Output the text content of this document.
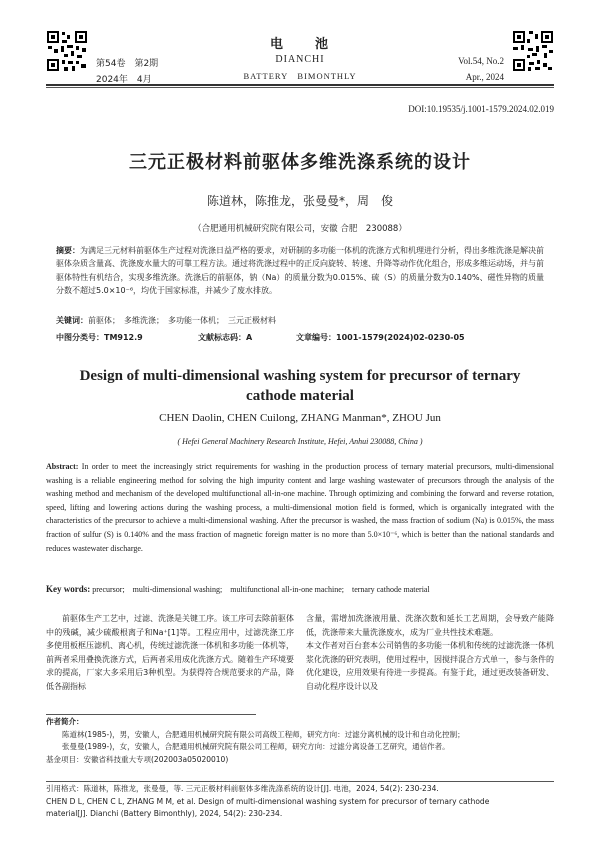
第54卷　第2期
2024年　4月
电　　池
DIANCHI
BATTERY　BIMONTHLY
Vol.54, No.2
Apr., 2024
DOI:10.19535/j.1001-1579.2024.02.019
三元正极材料前驱体多维洗涤系统的设计
陈道林，陈推龙，张曼曼*，周　俊
（合肥通用机械研究院有限公司，安徽 合肥　230088）
摘要：为满足三元材料前驱体生产过程对洗涤日益严格的要求，对研制的多功能一体机的洗涤方式和机理进行分析，得出多维洗涤是解决前驱体杂质含量高、洗涤废水量大的可靠工程方法。通过将洗涤过程中的正反向旋转、转速、升降等动作优化组合，形成多维运动场，并与前驱体特性有机结合，实现多维洗涤。洗涤后的前驱体，钠（Na）的质量分数为0.015%、硫（S）的质量分数为0.140%、磁性异物的质量分数不超过5.0×10⁻⁶，均优于国家标准，并减少了废水排放。
关键词：前驱体；　多维洗涤；　多功能一体机；　三元正极材料
中图分类号：TM912.9	文献标志码：A	文章编号：1001-1579(2024)02-0230-05
Design of multi-dimensional washing system for precursor of ternary cathode material
CHEN Daolin, CHEN Cuilong, ZHANG Manman*, ZHOU Jun
( Hefei General Machinery Research Institute, Hefei, Anhui 230088, China )
Abstract: In order to meet the increasingly strict requirements for washing in the production process of ternary material precursors, multi-dimensional washing is a reliable engineering method for solving the high impurity content and large washing wastewater of precursors through the analysis of the washing method and mechanism of the developed multifunctional all-in-one machine. Through optimizing and combining the forward and reverse rotation, speed, lifting and lowering actions during the washing process, a multi-dimensional motion field is formed, which is organically integrated with the characteristics of the precursor to achieve a multi-dimensional washing. After the precursor is washed, the mass fraction of sodium (Na) is 0.015%, the mass fraction of sulfur (S) is 0.140% and the mass fraction of magnetic foreign matter is no more than 5.0×10⁻⁶, which is better than the national standards and reduces wastewater discharge.
Key words: precursor;　multi-dimensional washing;　multifunctional all-in-one machine;　ternary cathode material
前驱体生产工艺中，过滤、洗涤是关键工序。该工序可去除前驱体中的残碱，减少硫酸根离子和Na⁺[1]等。工程应用中，过滤洗涤工序多使用板框压滤机、离心机，传统过滤洗涤一体机和多功能一体机等，前两者采用叠换洗涤方式，后两者采用成化洗涤方式。随着生产环境要求的提高，厂家大多采用后3种机型。为获得符合规范要求的产品，降低各副指标
含量，需增加洗涤液用量、洗涤次数和延长工艺周期，会导致产能降低，洗涤带来大量洗涤废水，成为厂业共性技术难题。
本文作者对百台套本公司销售的多功能一体机和传统的过滤洗涤一体机浆化洗涤的研究表明，使用过程中，因搅拌混合方式单一，参与条件的优化建设，应用效果有待进一步提高。有鉴于此，通过更改装备研发、自动化程序设计以及
作者简介：
陈道林(1985-)，男，安徽人，合肥通用机械研究院有限公司高级工程师，研究方向：过滤分离机械的设计和自动化控制；
张曼曼(1989-)，女，安徽人，合肥通用机械研究院有限公司工程师，研究方向：过滤分离设备工艺研究，通信作者。
基金项目：安徽省科技重大专项(202003a05020010)
引用格式：陈道林，陈推龙，张曼曼，等. 三元正极材料前驱体多维洗涤系统的设计[J]. 电池，2024, 54(2): 230-234.
CHEN D L, CHEN C L, ZHANG M M, et al. Design of multi-dimensional washing system for precursor of ternary cathode
material[J]. Dianchi (Battery Bimonthly), 2024, 54(2): 230-234.
